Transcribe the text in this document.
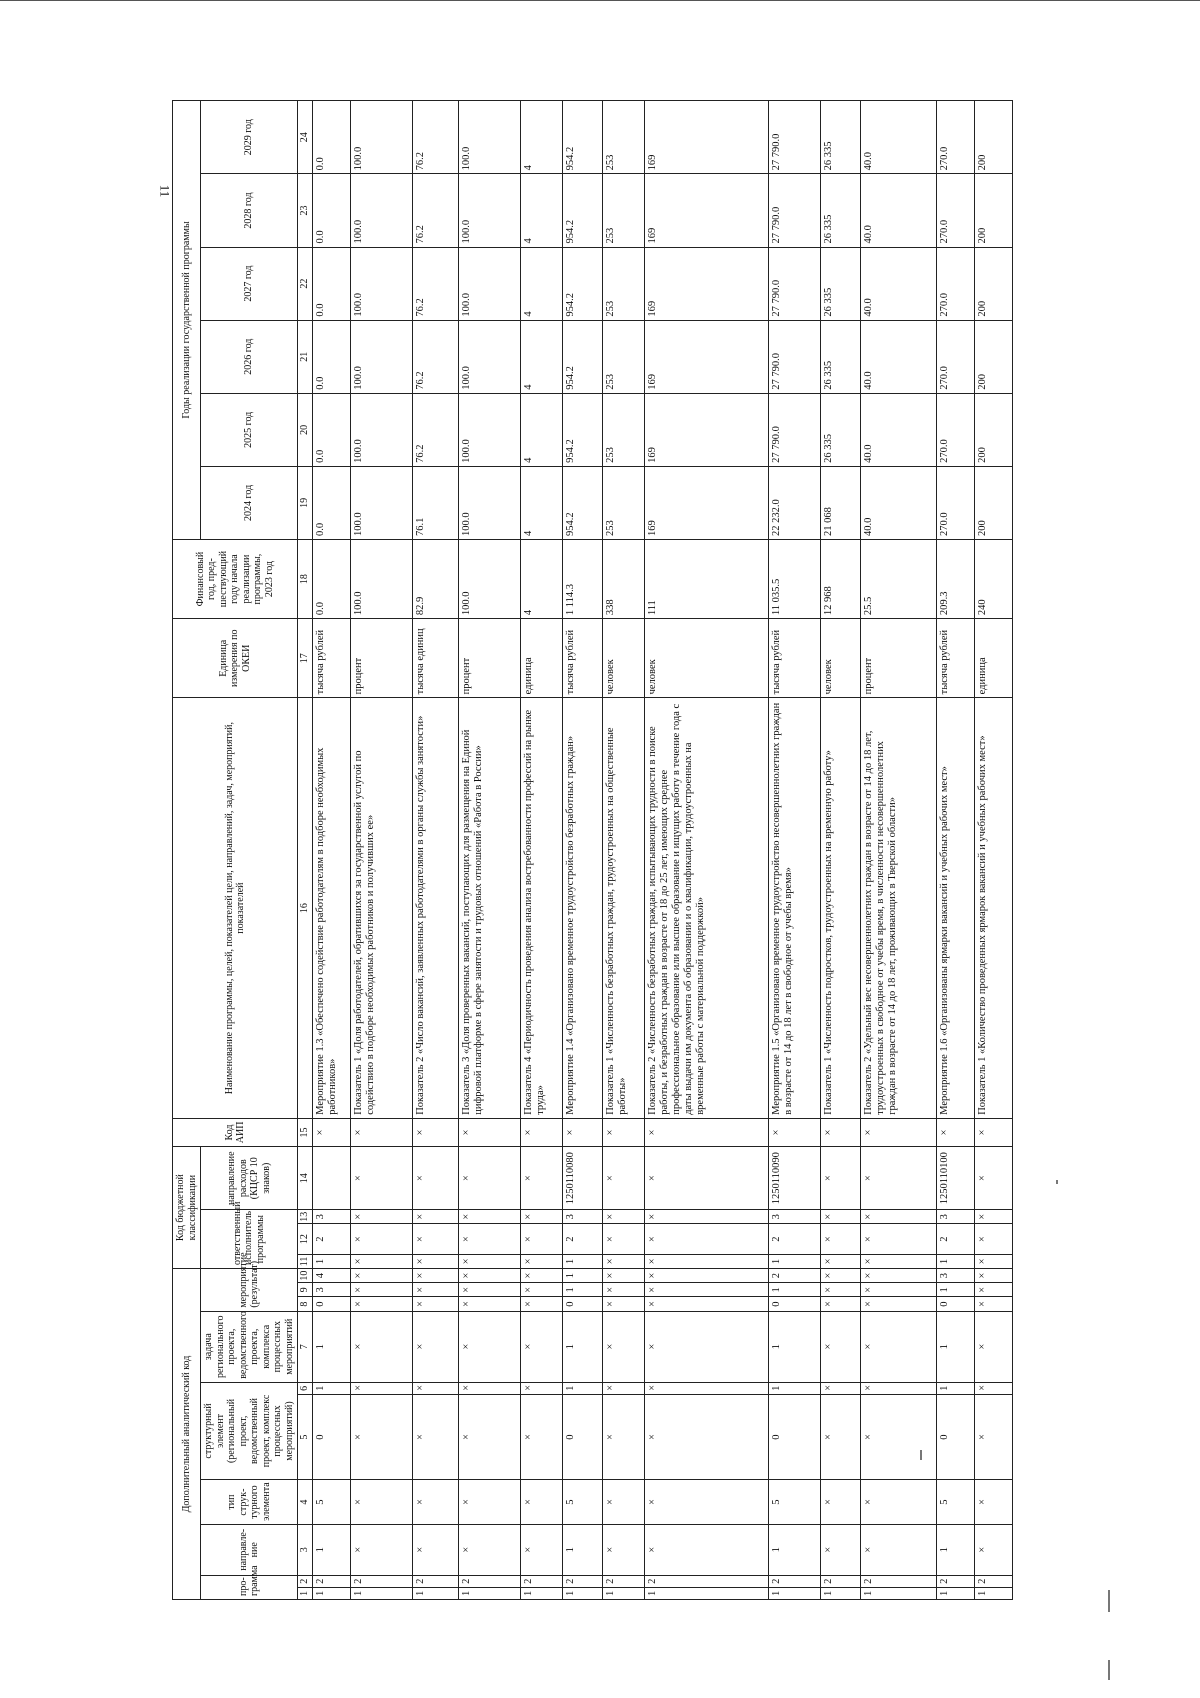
11
Дополнительный аналитический код										Код бюджетной классификации				Код АИП	Наименование программы, целей, показателей цели, направлений, задач, мероприятий, показателей	Единица измерения по ОКЕИ	Финансовый год, пред-шествующий году начала реализации программы, 2023 год	Годы реализации государственной программы					
про-грамма		направле-ние	тип струк-турного элемента	структурный элемент (региональный проект, ведомственный проект, комплекс процессных мероприятий)		задача регионального проекта, ведомственного проекта, комплекса процессных мероприятий	мероприятие (результат)			ответственный исполнитель программы			направление расходов (КЦСР 10 знаков)					2024 год	2025 год	2026 год	2027 год	2028 год	2029 год

1	2	3	4	5	6	7	8	9	10	11	12	13	14	15	16	17	18	19	20	21	22	23	24
1	2	1	5	0	1	1	0	3	4	1	2	3		×	Мероприятие 1.3 «Обеспечено содействие работодателям в подборе необходимых работников»	тысяча рублей	0.0	0.0	0.0	0.0	0.0	0.0	0.0
1	2	×	×	×	×	×	×	×	×	×	×	×	×	×	Показатель 1 «Доля работодателей, обратившихся за государственной услугой по содействию в подборе необходимых работников и получивших ее»	процент	100.0	100.0	100.0	100.0	100.0	100.0	100.0
1	2	×	×	×	×	×	×	×	×	×	×	×	×	×	Показатель 2 «Число вакансий, заявленных работодателями в органы службы занятости»	тысяча единиц	82.9	76.1	76.2	76.2	76.2	76.2	76.2
1	2	×	×	×	×	×	×	×	×	×	×	×	×	×	Показатель 3 «Доля проверенных вакансий, поступающих для размещения на Единой цифровой платформе в сфере занятости и трудовых отношений «Работа в России»	процент	100.0	100.0	100.0	100.0	100.0	100.0	100.0
1	2	×	×	×	×	×	×	×	×	×	×	×	×	×	Показатель 4 «Периодичность проведения анализа востребованности профессий на рынке труда»	единица	4	4	4	4	4	4	4
1	2	1	5	0	1	1	0	1	1	1	2	3	1250110080	×	Мероприятие 1.4 «Организовано временное трудоустройство безработных граждан»	тысяча рублей	1 114.3	954.2	954.2	954.2	954.2	954.2	954.2
1	2	×	×	×	×	×	×	×	×	×	×	×	×	×	Показатель 1 «Численность безработных граждан, трудоустроенных на общественные работы»	человек	338	253	253	253	253	253	253
1	2	×	×	×	×	×	×	×	×	×	×	×	×	×	Показатель 2 «Численность безработных граждан, испытывающих трудности в поиске работы, и безработных граждан в возрасте от 18 до 25 лет, имеющих среднее профессиональное образование или высшее образование и ищущих работу в течение года с даты выдачи им документа об образовании и о квалификации, трудоустроенных на временные работы с материальной поддержкой»	человек	111	169	169	169	169	169	169
1	2	1	5	0	1	1	0	1	2	1	2	3	1250110090	×	Мероприятие 1.5 «Организовано временное трудоустройство несовершеннолетних граждан в возрасте от 14 до 18 лет в свободное от учебы время»	тысяча рублей	11 035.5	22 232.0	27 790.0	27 790.0	27 790.0	27 790.0	27 790.0
1	2	×	×	×	×	×	×	×	×	×	×	×	×	×	Показатель 1 «Численность подростков, трудоустроенных на временную работу»	человек	12 968	21 068	26 335	26 335	26 335	26 335	26 335
1	2	×	×	×	×	×	×	×	×	×	×	×	×	×	Показатель 2 «Удельный вес несовершеннолетних граждан в возрасте от 14 до 18 лет, трудоустроенных в свободное от учебы время, в численности несовершеннолетних граждан в возрасте от 14 до 18 лет, проживающих в Тверской области»	процент	25.5	40.0	40.0	40.0	40.0	40.0	40.0
1	2	1	5	0	1	1	0	1	3	1	2	3	1250110100	×	Мероприятие 1.6 «Организованы ярмарки вакансий и учебных рабочих мест»	тысяча рублей	209.3	270.0	270.0	270.0	270.0	270.0	270.0
1	2	×	×	×	×	×	×	×	×	×	×	×	×	×	Показатель 1 «Количество проведенных ярмарок вакансий и учебных рабочих мест»	единица	240	200	200	200	200	200	200
